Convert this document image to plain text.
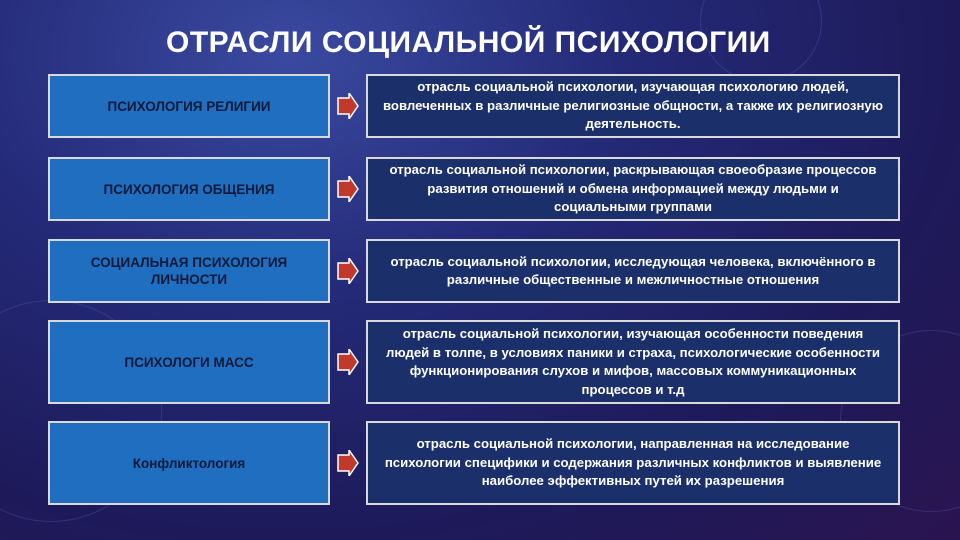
ОТРАСЛИ СОЦИАЛЬНОЙ ПСИХОЛОГИИ
ПСИХОЛОГИЯ РЕЛИГИИ
отрасль социальной психологии, изучающая психологию людей, вовлеченных в различные религиозные общности, а также их религиозную деятельность.
ПСИХОЛОГИЯ ОБЩЕНИЯ
отрасль социальной психологии, раскрывающая своеобразие процессов развития отношений и обмена информацией между людьми и социальными группами
СОЦИАЛЬНАЯ ПСИХОЛОГИЯ ЛИЧНОСТИ
отрасль социальной психологии, исследующая человека, включённого в различные общественные и межличностные отношения
ПСИХОЛОГИ МАСС
отрасль социальной психологии, изучающая особенности поведения людей в толпе, в условиях паники и страха, психологические особенности функционирования слухов и мифов, массовых коммуникационных процессов и т.д
Конфликтология
отрасль социальной психологии, направленная на исследование психологии специфики и содержания различных конфликтов и выявление наиболее эффективных путей их разрешения
